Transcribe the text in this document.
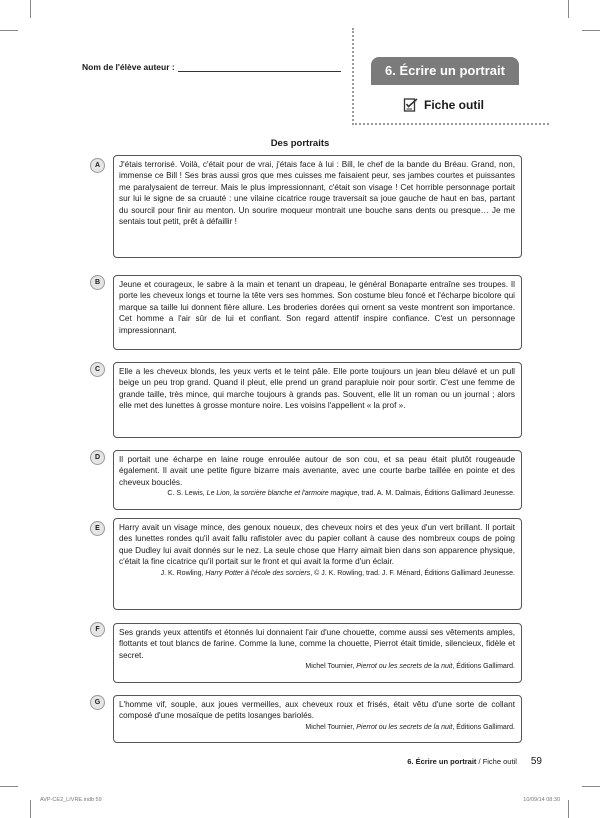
Nom de l'élève auteur :	6. Écrire un portrait
Fiche outil
Des portraits
A	J'étais terrorisé. Voilà, c'était pour de vrai, j'étais face à lui : Bill, le chef de la bande du Bréau. Grand, non, immense ce Bill ! Ses bras aussi gros que mes cuisses me faisaient peur, ses jambes courtes et puissantes me paralysaient de terreur. Mais le plus impressionnant, c'était son visage ! Cet horrible personnage portait sur lui le signe de sa cruauté : une vilaine cicatrice rouge traversait sa joue gauche de haut en bas, partant du sourcil pour finir au menton. Un sourire moqueur montrait une bouche sans dents ou presque… Je me sentais tout petit, prêt à défaillir !

B	Jeune et courageux, le sabre à la main et tenant un drapeau, le général Bonaparte entraîne ses troupes. Il porte les cheveux longs et tourne la tête vers ses hommes. Son costume bleu foncé et l'écharpe bicolore qui marque sa taille lui donnent fière allure. Les broderies dorées qui ornent sa veste montrent son importance. Cet homme a l'air sûr de lui et confiant. Son regard attentif inspire confiance. C'est un personnage impressionnant.

C	Elle a les cheveux blonds, les yeux verts et le teint pâle. Elle porte toujours un jean bleu délavé et un pull beige un peu trop grand. Quand il pleut, elle prend un grand parapluie noir pour sortir. C'est une femme de grande taille, très mince, qui marche toujours à grands pas. Souvent, elle lit un roman ou un journal ; alors elle met des lunettes à grosse monture noire. Les voisins l'appellent « la prof ».

D	Il portait une écharpe en laine rouge enroulée autour de son cou, et sa peau était plutôt rougeaude également. Il avait une petite figure bizarre mais avenante, avec une courte barbe taillée en pointe et des cheveux bouclés.

C. S. Lewis, Le Lion, la sorcière blanche et l'armoire magique, trad. A. M. Dalmais, Éditions Gallimard Jeunesse.
E	Harry avait un visage mince, des genoux noueux, des cheveux noirs et des yeux d'un vert brillant. Il portait des lunettes rondes qu'il avait fallu rafistoler avec du papier collant à cause des nombreux coups de poing que Dudley lui avait donnés sur le nez. La seule chose que Harry aimait bien dans son apparence physique, c'était la fine cicatrice qu'il portait sur le front et qui avait la forme d'un éclair.

J. K. Rowling, Harry Potter à l'école des sorciers, © J. K. Rowling, trad. J. F. Ménard, Éditions Gallimard Jeunesse.
F	Ses grands yeux attentifs et étonnés lui donnaient l'air d'une chouette, comme aussi ses vêtements amples, flottants et tout blancs de farine. Comme la lune, comme la chouette, Pierrot était timide, silencieux, fidèle et secret.

Michel Tournier, Pierrot ou les secrets de la nuit, Éditions Gallimard.
G	L'homme vif, souple, aux joues vermeilles, aux cheveux roux et frisés, était vêtu d'une sorte de collant composé d'une mosaïque de petits losanges bariolés.

Michel Tournier, Pierrot ou les secrets de la nuit, Éditions Gallimard.
6. Écrire un portrait / Fiche outil 59
AVP-CE2_LIVRE.indb 59	10/09/14 08:30
